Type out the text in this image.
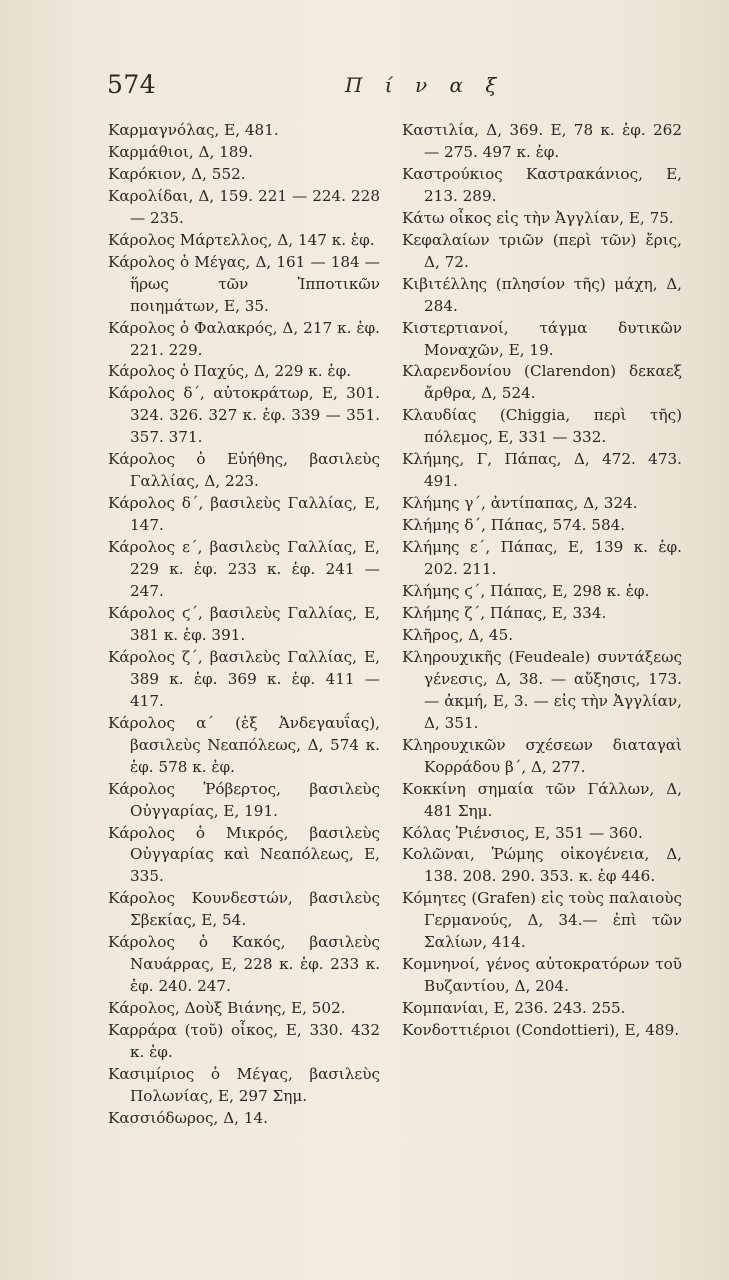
574	Π ί ν α ξ
Καρμαγνόλας, Ε, 481.
Καρμάθιοι, Δ, 189.
Καρόκιον, Δ, 552.
Καρολίδαι, Δ, 159. 221 — 224. 228 — 235.
Κάρολος Μάρτελλος, Δ, 147 κ. ἑφ.
Κάρολος ὁ Μέγας, Δ, 161 — 184 — ἥρως τῶν Ἱπποτικῶν ποιημάτων, Ε, 35.
Κάρολος ὁ Φαλακρός, Δ, 217 κ. ἑφ. 221. 229.
Κάρολος ὁ Παχύς, Δ, 229 κ. ἑφ.
Κάρολος δ΄, αὐτοκράτωρ, Ε, 301. 324. 326. 327 κ. ἑφ. 339 — 351. 357. 371.
Κάρολος ὁ Εὐήθης, βασιλεὺς Γαλλίας, Δ, 223.
Κάρολος δ΄, βασιλεὺς Γαλλίας, Ε, 147.
Κάρολος ε΄, βασιλεὺς Γαλλίας, Ε, 229 κ. ἑφ. 233 κ. ἑφ. 241 — 247.
Κάρολος ϛ΄, βασιλεὺς Γαλλίας, Ε, 381 κ. ἑφ. 391.
Κάρολος ζ΄, βασιλεὺς Γαλλίας, Ε, 389 κ. ἑφ. 369 κ. ἑφ. 411 — 417.
Κάρολος α΄ (ἐξ Ἀνδεγαυΐας), βασιλεὺς Νεαπόλεως, Δ, 574 κ. ἑφ. 578 κ. ἑφ.
Κάρολος Ῥόβερτος, βασιλεὺς Οὐγγαρίας, Ε, 191.
Κάρολος ὁ Μικρός, βασιλεὺς Οὐγγαρίας καὶ Νεαπόλεως, Ε, 335.
Κάρολος Κουνδεστών, βασιλεὺς Σβεκίας, Ε, 54.
Κάρολος ὁ Κακός, βασιλεὺς Ναυάρρας, Ε, 228 κ. ἑφ. 233 κ. ἑφ. 240. 247.
Κάρολος, Δοὺξ Βιάνης, Ε, 502.
Καρράρα (τοῦ) οἶκος, Ε, 330. 432 κ. ἑφ.
Κασιμίριος ὁ Μέγας, βασιλεὺς Πολωνίας, Ε, 297 Σημ.
Κασσιόδωρος, Δ, 14.
Καστιλία, Δ, 369. Ε, 78 κ. ἑφ. 262 — 275. 497 κ. ἑφ.
Καστρούκιος Καστρακάνιος, Ε, 213. 289.
Κάτω οἶκος εἰς τὴν Ἀγγλίαν, Ε, 75.
Κεφαλαίων τριῶν (περὶ τῶν) ἔρις, Δ, 72.
Κιβιτέλλης (πλησίον τῆς) μάχη, Δ, 284.
Κιστερτιανοί, τάγμα δυτικῶν Μοναχῶν, Ε, 19.
Κλαρενδονίου (Clarendon) δεκαεξ ἄρθρα, Δ, 524.
Κλαυδίας (Chiggia, περὶ τῆς) πόλεμος, Ε, 331 — 332.
Κλήμης, Γ, Πάπας, Δ, 472. 473. 491.
Κλήμης γ΄, ἀντίπαπας, Δ, 324.
Κλήμης δ΄, Πάπας, 574. 584.
Κλήμης ε΄, Πάπας, Ε, 139 κ. ἑφ. 202. 211.
Κλήμης ϛ΄, Πάπας, Ε, 298 κ. ἑφ.
Κλήμης ζ΄, Πάπας, Ε, 334.
Κλῆρος, Δ, 45.
Κληρουχικῆς (Feudeale) συντάξεως γένεσις, Δ, 38. — αὔξησις, 173. — ἀκμή, Ε, 3. — εἰς τὴν Ἀγγλίαν, Δ, 351.
Κληρουχικῶν σχέσεων διαταγαὶ Κορράδου β΄, Δ, 277.
Κοκκίνη σημαία τῶν Γάλλων, Δ, 481 Σημ.
Κόλας Ῥιένσιος, Ε, 351 — 360.
Κολῶναι, Ῥώμης οἰκογένεια, Δ, 138. 208. 290. 353. κ. ἑφ 446.
Κόμητες (Grafen) εἰς τοὺς παλαιοὺς Γερμανούς, Δ, 34.— ἐπὶ τῶν Σαλίων, 414.
Κομνηνοί, γένος αὐτοκρατόρων τοῦ Βυζαντίου, Δ, 204.
Κομπανίαι, Ε, 236. 243. 255.
Κονδοττιέριοι (Condottieri), Ε, 489.
